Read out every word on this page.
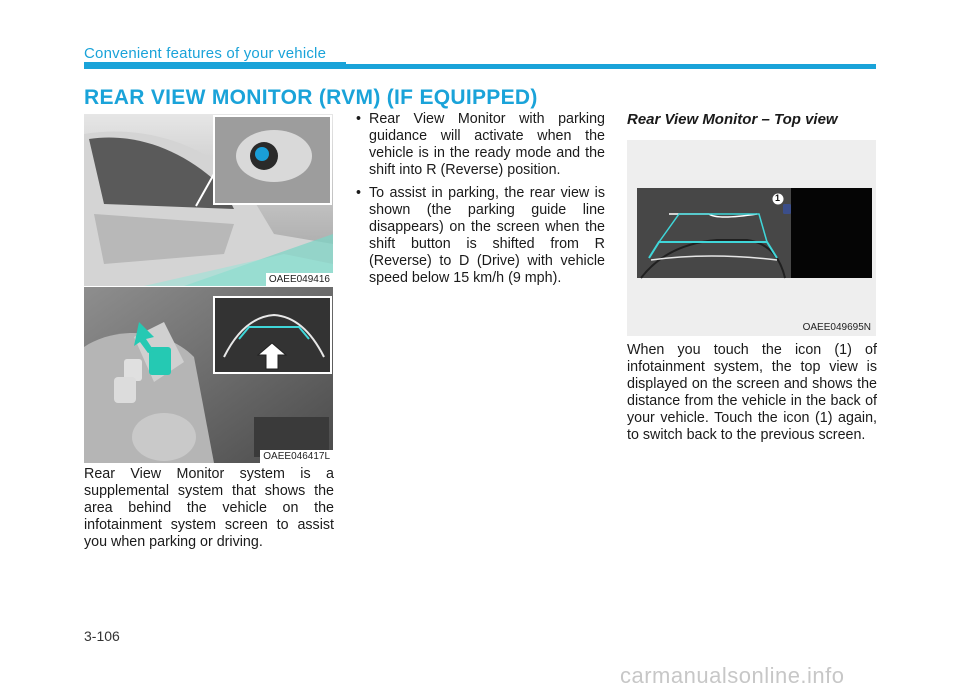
Convenient features of your vehicle
REAR VIEW MONITOR (RVM) (IF EQUIPPED)
OAEE049416
OAEE046417L
Rear View Monitor system is a supplemental system that shows the area behind the vehicle on the infotainment system screen to assist you when parking or driving.
• Rear View Monitor with parking guidance will activate when the vehicle is in the ready mode and the shift into R (Reverse) position.
• To assist in parking, the rear view is shown (the parking guide line disappears) on the screen when the shift button is shifted from R (Reverse) to D (Drive) with vehicle speed below 15 km/h (9 mph).
Rear View Monitor – Top view
1
OAEE049695N
When you touch the icon (1) of infotainment system, the top view is displayed on the screen and shows the distance from the vehicle in the back of your vehicle. Touch the icon (1) again, to switch back to the previous screen.
3-106
carmanualsonline.info
